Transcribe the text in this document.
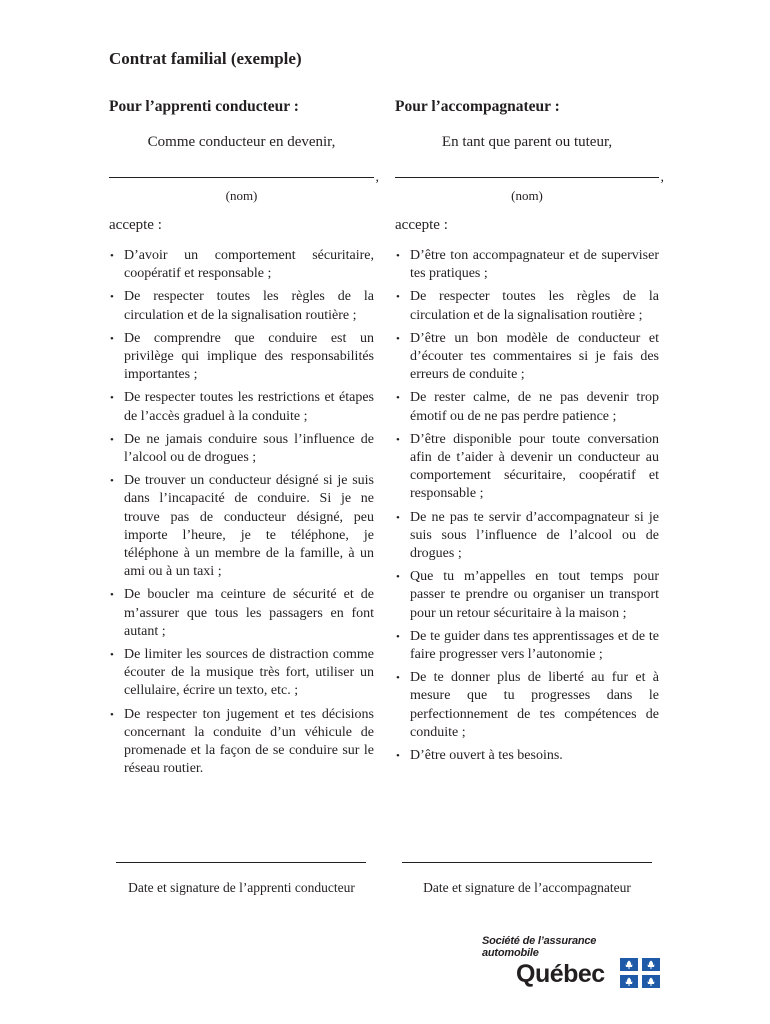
Contrat familial (exemple)
Pour l’apprenti conducteur :
Comme conducteur en devenir,
,
(nom)
accepte :
• D’avoir un comportement sécuritaire, coopératif et responsable ;
• De respecter toutes les règles de la circulation et de la signalisation routière ;
• De comprendre que conduire est un privilège qui implique des responsabilités importantes ;
• De respecter toutes les restrictions et étapes de l’accès graduel à la conduite ;
• De ne jamais conduire sous l’influence de l’alcool ou de drogues ;
• De trouver un conducteur désigné si je suis dans l’incapacité de conduire. Si je ne trouve pas de conducteur désigné, peu importe l’heure, je te téléphone, je téléphone à un membre de la famille, à un ami ou à un taxi ;
• De boucler ma ceinture de sécurité et de m’assurer que tous les passagers en font autant ;
• De limiter les sources de distraction comme écouter de la musique très fort, utiliser un cellulaire, écrire un texto, etc. ;
• De respecter ton jugement et tes décisions concernant la conduite d’un véhicule de promenade et la façon de se conduire sur le réseau routier.
Pour l’accompagnateur :
En tant que parent ou tuteur,
,
(nom)
accepte :
• D’être ton accompagnateur et de superviser tes pratiques ;
• De respecter toutes les règles de la circulation et de la signalisation routière ;
• D’être un bon modèle de conducteur et d’écouter tes commentaires si je fais des erreurs de conduite ;
• De rester calme, de ne pas devenir trop émotif ou de ne pas perdre patience ;
• D’être disponible pour toute conversation afin de t’aider à devenir un conducteur au comportement sécuritaire, coopératif et responsable ;
• De ne pas te servir d’accompagnateur si je suis sous l’influence de l’alcool ou de drogues ;
• Que tu m’appelles en tout temps pour passer te prendre ou organiser un transport pour un retour sécuritaire à la maison ;
• De te guider dans tes apprentissages et de te faire progresser vers l’autonomie ;
• De te donner plus de liberté au fur et à mesure que tu progresses dans le perfectionnement de tes compétences de conduite ;
• D’être ouvert à tes besoins.
Date et signature de l’apprenti conducteur	Date et signature de l’accompagnateur
Société de l’assurance
automobile
Québec
